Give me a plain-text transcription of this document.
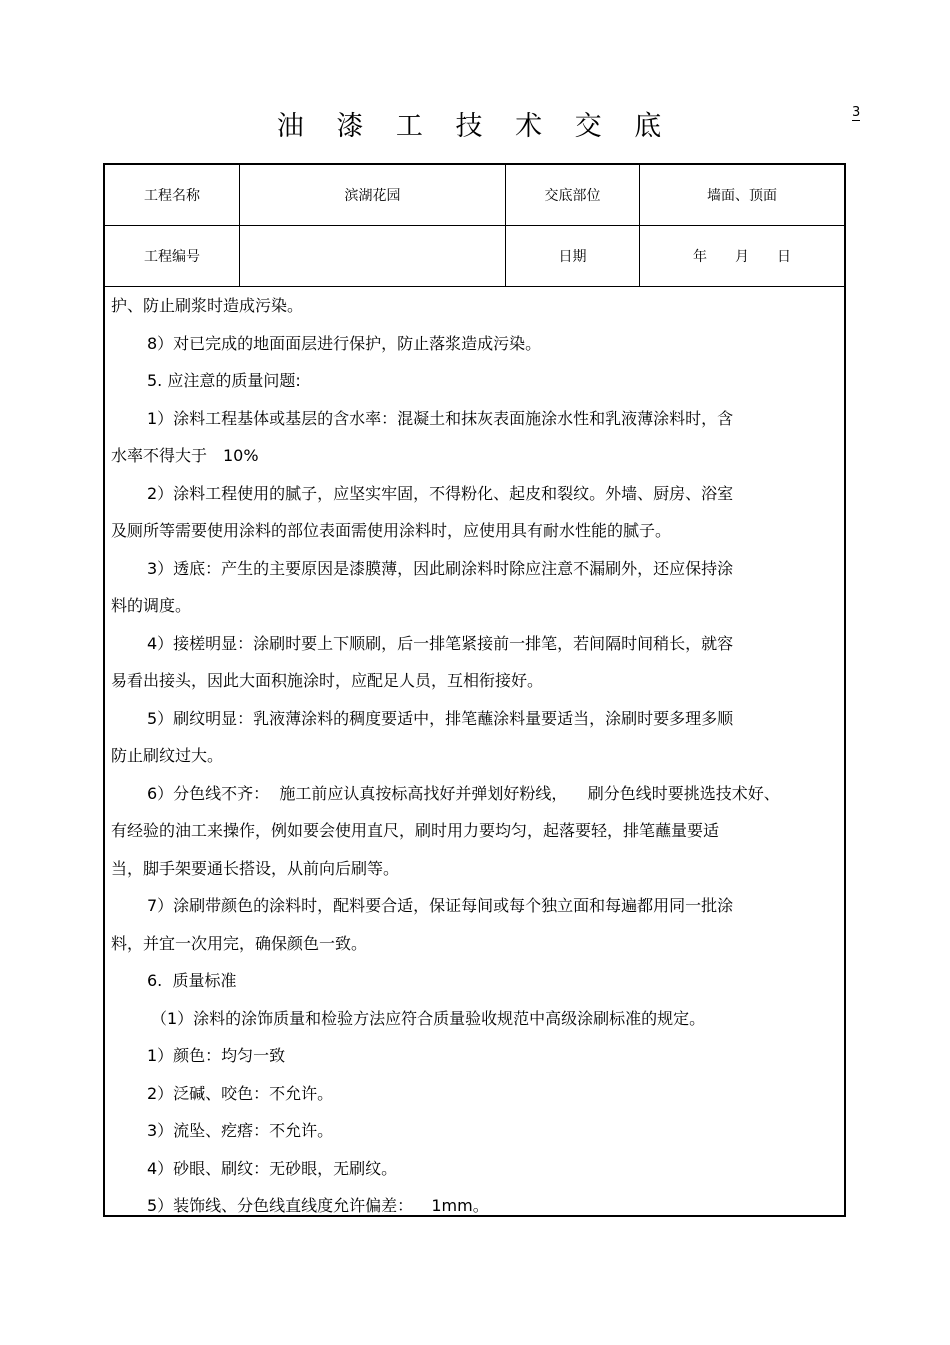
油 漆 工 技 术 交 底	3
工程名称	滨湖花园	交底部位	墙面、顶面
工程编号		日期	年　　月　　日
护、防止刷浆时造成污染。
8）对已完成的地面面层进行保护，防止落浆造成污染。
5. 应注意的质量问题:
1）涂料工程基体或基层的含水率：混凝土和抹灰表面施涂水性和乳液薄涂料时，含
水率不得大于　10%
2）涂料工程使用的腻子，应坚实牢固，不得粉化、起皮和裂纹。外墙、厨房、浴室
及厕所等需要使用涂料的部位表面需使用涂料时，应使用具有耐水性能的腻子。
3）透底：产生的主要原因是漆膜薄，因此刷涂料时除应注意不漏刷外，还应保持涂
料的调度。
4）接槎明显：涂刷时要上下顺刷，后一排笔紧接前一排笔，若间隔时间稍长，就容
易看出接头，因此大面积施涂时，应配足人员，互相衔接好。
5）刷纹明显：乳液薄涂料的稠度要适中，排笔蘸涂料量要适当，涂刷时要多理多顺
防止刷纹过大。
6）分色线不齐：  施工前应认真按标高找好并弹划好粉线，    刷分色线时要挑选技术好、
有经验的油工来操作，例如要会使用直尺，刷时用力要均匀，起落要轻，排笔蘸量要适
当，脚手架要通长搭设，从前向后刷等。
7）涂刷带颜色的涂料时，配料要合适，保证每间或每个独立面和每遍都用同一批涂
料，并宜一次用完，确保颜色一致。
6.  质量标准
（1）涂料的涂饰质量和检验方法应符合质量验收规范中高级涂刷标准的规定。
1）颜色：均匀一致
2）泛碱、咬色：不允许。
3）流坠、疙瘩：不允许。
4）砂眼、刷纹：无砂眼，无刷纹。
5）装饰线、分色线直线度允许偏差：　  1mm。
